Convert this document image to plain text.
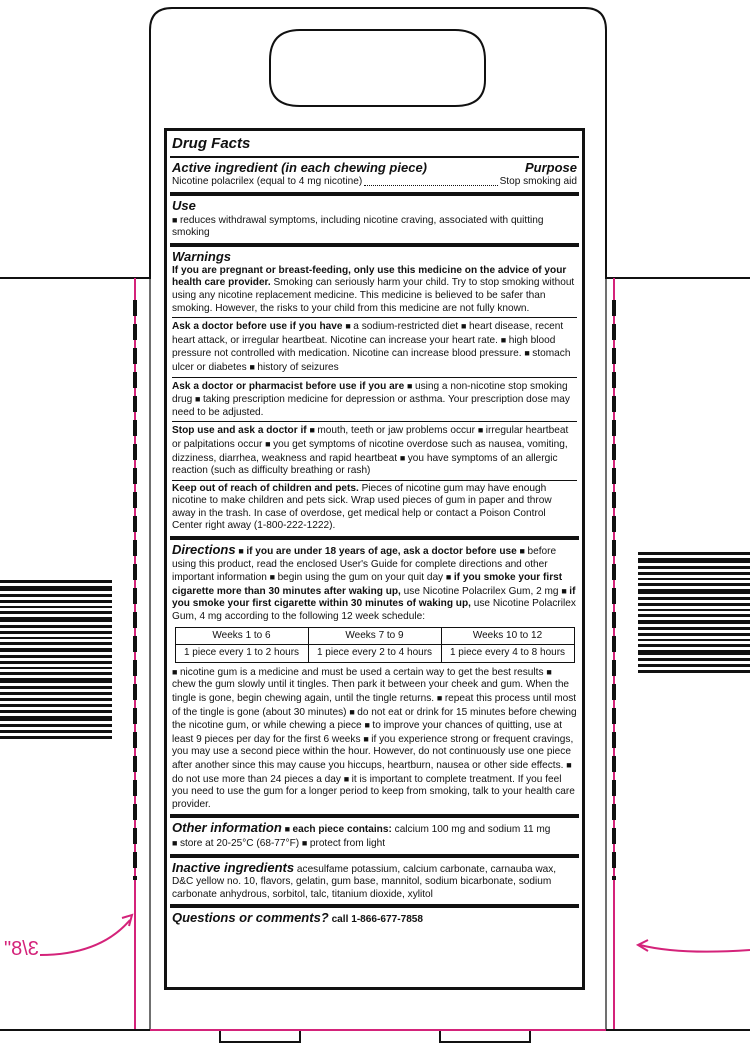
3/8"
Drug Facts
Active ingredient (in each chewing piece)	Purpose
Nicotine polacrilex (equal to 4 mg nicotine)	Stop smoking aid
Use
■ reduces withdrawal symptoms, including nicotine craving, associated with quitting smoking
Warnings
If you are pregnant or breast-feeding, only use this medicine on the advice of your health care provider. Smoking can seriously harm your child. Try to stop smoking without using any nicotine replacement medicine. This medicine is believed to be safer than smoking. However, the risks to your child from this medicine are not fully known.
Ask a doctor before use if you have ■ a sodium-restricted diet ■ heart disease, recent heart attack, or irregular heartbeat. Nicotine can increase your heart rate. ■ high blood pressure not controlled with medication. Nicotine can increase blood pressure. ■ stomach ulcer or diabetes ■ history of seizures
Ask a doctor or pharmacist before use if you are ■ using a non-nicotine stop smoking drug ■ taking prescription medicine for depression or asthma. Your prescription dose may need to be adjusted.
Stop use and ask a doctor if ■ mouth, teeth or jaw problems occur ■ irregular heartbeat or palpitations occur ■ you get symptoms of nicotine overdose such as nausea, vomiting, dizziness, diarrhea, weakness and rapid heartbeat ■ you have symptoms of an allergic reaction (such as difficulty breathing or rash)
Keep out of reach of children and pets. Pieces of nicotine gum may have enough nicotine to make children and pets sick. Wrap used pieces of gum in paper and throw away in the trash. In case of overdose, get medical help or contact a Poison Control Center right away (1-800-222-1222).
Directions ■ if you are under 18 years of age, ask a doctor before use ■ before using this product, read the enclosed User's Guide for complete directions and other important information ■ begin using the gum on your quit day ■ if you smoke your first cigarette more than 30 minutes after waking up, use Nicotine Polacrilex Gum, 2 mg ■ if you smoke your first cigarette within 30 minutes of waking up, use Nicotine Polacrilex Gum, 4 mg according to the following 12 week schedule:
Weeks 1 to 6	Weeks 7 to 9	Weeks 10 to 12
1 piece every 1 to 2 hours	1 piece every 2 to 4 hours	1 piece every 4 to 8 hours
■ nicotine gum is a medicine and must be used a certain way to get the best results ■ chew the gum slowly until it tingles. Then park it between your cheek and gum. When the tingle is gone, begin chewing again, until the tingle returns. ■ repeat this process until most of the tingle is gone (about 30 minutes) ■ do not eat or drink for 15 minutes before chewing the nicotine gum, or while chewing a piece ■ to improve your chances of quitting, use at least 9 pieces per day for the first 6 weeks ■ if you experience strong or frequent cravings, you may use a second piece within the hour. However, do not continuously use one piece after another since this may cause you hiccups, heartburn, nausea or other side effects. ■ do not use more than 24 pieces a day ■ it is important to complete treatment. If you feel you need to use the gum for a longer period to keep from smoking, talk to your health care provider.
Other information ■ each piece contains: calcium 100 mg and sodium 11 mg
■ store at 20-25°C (68-77°F) ■ protect from light
Inactive ingredients acesulfame potassium, calcium carbonate, carnauba wax, D&C yellow no. 10, flavors, gelatin, gum base, mannitol, sodium bicarbonate, sodium carbonate anhydrous, sorbitol, talc, titanium dioxide, xylitol
Questions or comments? call 1-866-677-7858
